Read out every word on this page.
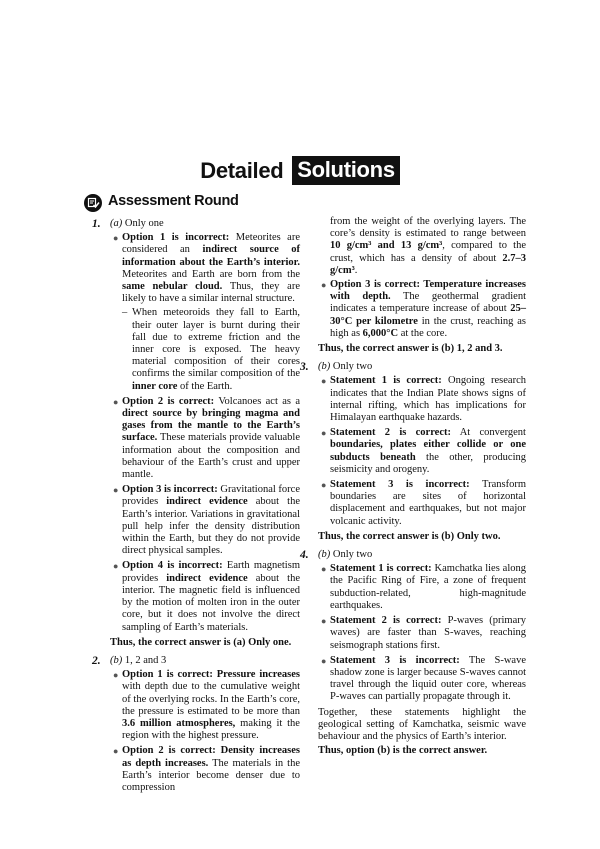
Detailed Solutions
Assessment Round
1. (a) Only one
● Option 1 is incorrect: Meteorites are considered an indirect source of information about the Earth’s interior. Meteorites and Earth are born from the same nebular cloud. Thus, they are likely to have a similar internal structure.
– When meteoroids they fall to Earth, their outer layer is burnt during their fall due to extreme friction and the inner core is exposed. The heavy material composition of their cores confirms the similar composition of the inner core of the Earth.
● Option 2 is correct: Volcanoes act as a direct source by bringing magma and gases from the mantle to the Earth’s surface. These materials provide valuable information about the composition and behaviour of the Earth’s crust and upper mantle.
● Option 3 is incorrect: Gravitational force provides indirect evidence about the Earth’s interior. Variations in gravitational pull help infer the density distribution within the Earth, but they do not provide direct physical samples.
● Option 4 is incorrect: Earth magnetism provides indirect evidence about the interior. The magnetic field is influenced by the motion of molten iron in the outer core, but it does not involve the direct sampling of Earth’s materials.
Thus, the correct answer is (a) Only one.
2. (b) 1, 2 and 3
● Option 1 is correct: Pressure increases with depth due to the cumulative weight of the overlying rocks. In the Earth’s core, the pressure is estimated to be more than 3.6 million atmospheres, making it the region with the highest pressure.
● Option 2 is correct: Density increases as depth increases. The materials in the Earth’s interior become denser due to compression
from the weight of the overlying layers. The core’s density is estimated to range between 10 g/cm³ and 13 g/cm³, compared to the crust, which has a density of about 2.7–3 g/cm³.
● Option 3 is correct: Temperature increases with depth. The geothermal gradient indicates a temperature increase of about 25–30°C per kilometre in the crust, reaching as high as 6,000°C at the core.
Thus, the correct answer is (b) 1, 2 and 3.
3. (b) Only two
● Statement 1 is correct: Ongoing research indicates that the Indian Plate shows signs of internal rifting, which has implications for Himalayan earthquake hazards.
● Statement 2 is correct: At convergent boundaries, plates either collide or one subducts beneath the other, producing seismicity and orogeny.
● Statement 3 is incorrect: Transform boundaries are sites of horizontal displacement and earthquakes, but not major volcanic activity.
Thus, the correct answer is (b) Only two.
4. (b) Only two
● Statement 1 is correct: Kamchatka lies along the Pacific Ring of Fire, a zone of frequent subduction-related, high-magnitude earthquakes.
● Statement 2 is correct: P-waves (primary waves) are faster than S-waves, reaching seismograph stations first.
● Statement 3 is incorrect: The S-wave shadow zone is larger because S-waves cannot travel through the liquid outer core, whereas P-waves can partially propagate through it.
Together, these statements highlight the geological setting of Kamchatka, seismic wave behaviour and the physics of Earth’s interior.
Thus, option (b) is the correct answer.
